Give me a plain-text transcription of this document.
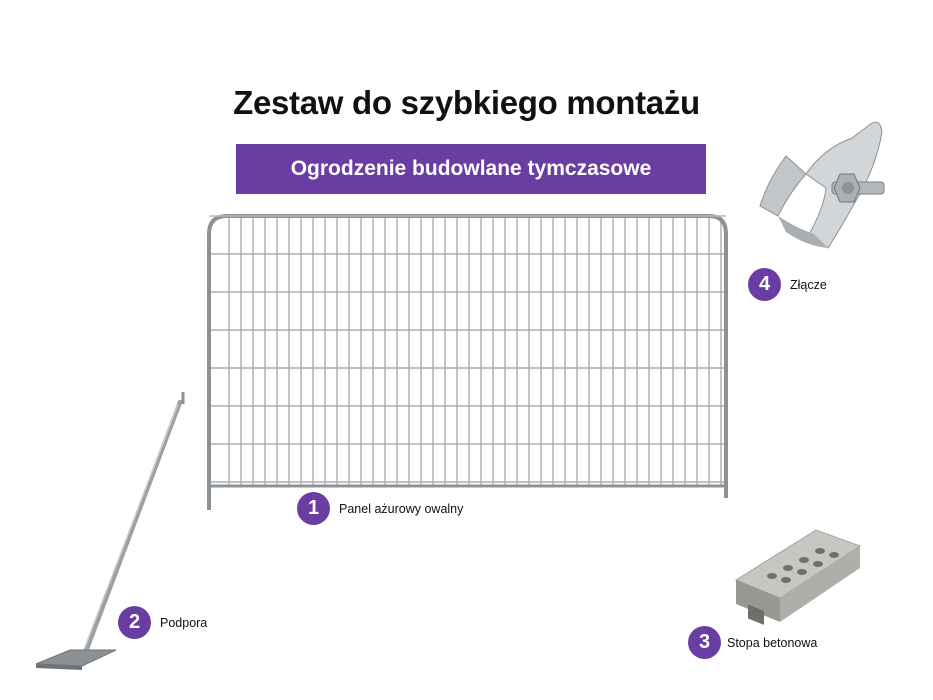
Zestaw do szybkiego montażu
Ogrodzenie budowlane tymczasowe
1	Panel ażurowy owalny
2	Podpora
3	Stopa betonowa
4	Złącze
